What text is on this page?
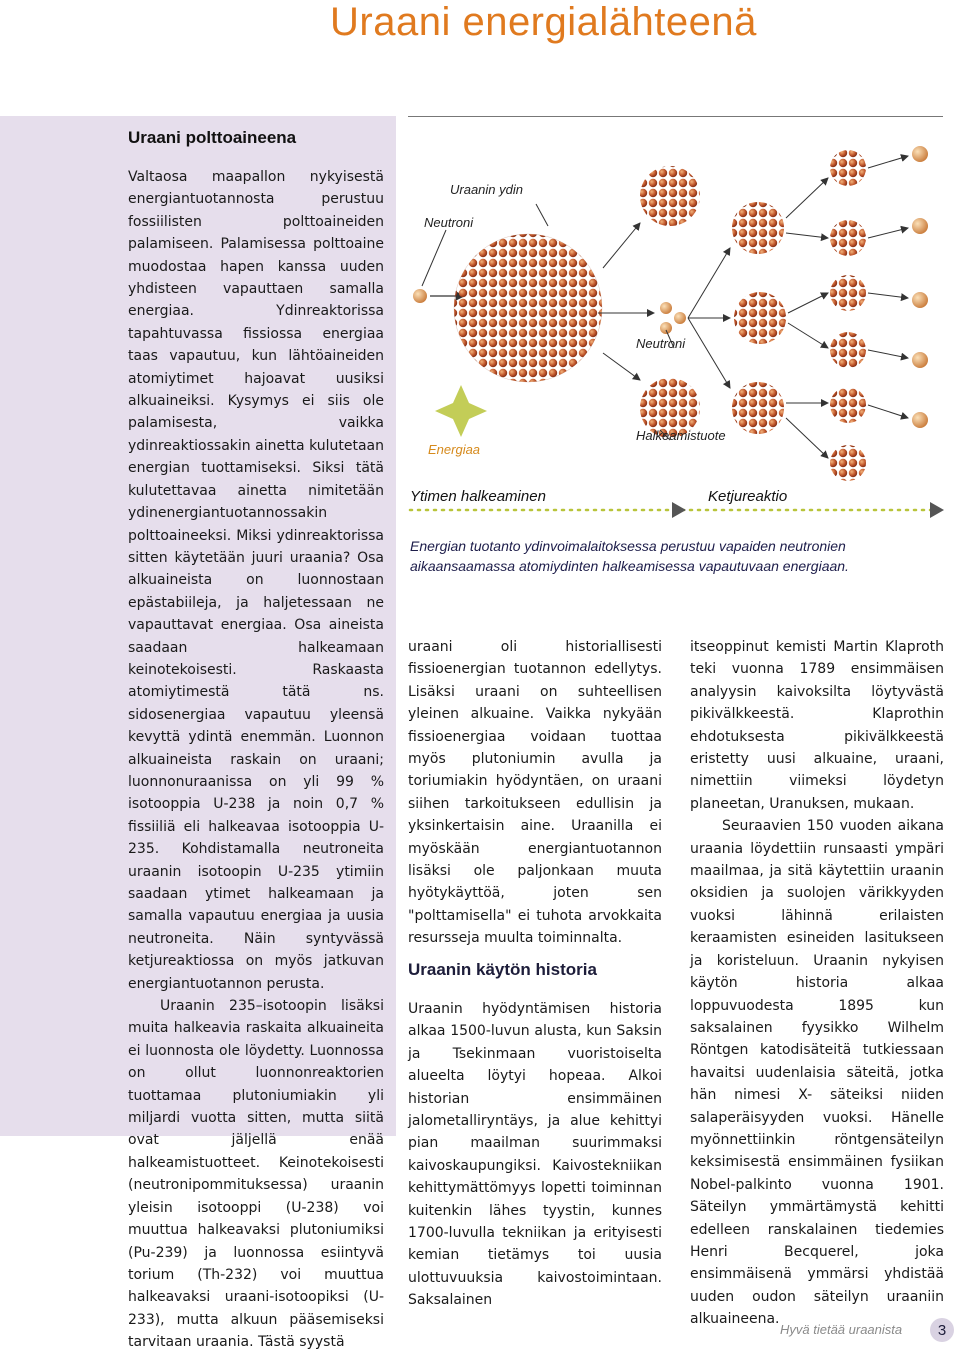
Uraani energialähteenä
Uraani polttoaineena

Valtaosa maapallon nykyisestä energiantuotannosta perustuu fossiilisten polttoaineiden palamiseen. Palamisessa polttoaine muodostaa hapen kanssa uuden yhdisteen vapauttaen samalla energiaa. Ydinreaktorissa tapahtuvassa fissiossa energiaa taas vapautuu, kun lähtöaineiden atomiytimet hajoavat uusiksi alkuaineiksi. Kysymys ei siis ole palamisesta, vaikka ydinreaktiossakin ainetta kulutetaan energian tuottamiseksi. Siksi tätä kulutettavaa ainetta nimitetään ydinenergiantuotannossakin polttoaineeksi. Miksi ydinreaktorissa sitten käytetään juuri uraania? Osa alkuaineista on luonnostaan epästabiileja, ja haljetessaan ne vapauttavat energiaa. Osa aineista saadaan halkeamaan keinotekoisesti. Raskaasta atomiytimestä tätä ns. sidosenergiaa vapautuu yleensä kevyttä ydintä enemmän. Luonnon alkuaineista raskain on uraani; luonnonuraanissa on yli 99 % isotooppia U-238 ja noin 0,7 % fissiiliä eli halkeavaa isotooppia U-235. Kohdistamalla neutroneita uraanin isotoopin U-235 ytimiin saadaan ytimet halkeamaan ja samalla vapautuu energiaa ja uusia neutroneita. Näin syntyvässä ketjureaktiossa on myös jatkuvan energiantuotannon perusta.

Uraanin 235–isotoopin lisäksi muita halkeavia raskaita alkuaineita ei luonnosta ole löydetty. Luonnossa on ollut luonnonreaktorien tuottamaa plutoniumiakin yli miljardi vuotta sitten, mutta siitä ovat jäljellä enää halkeamistuotteet. Keinotekoisesti (neutronipommituksessa) uraanin yleisin isotooppi (U-238) voi muuttua halkeavaksi plutoniumiksi (Pu-239) ja luonnossa esiintyvä torium (Th-232) voi muuttua halkeavaksi uraani-isotoopiksi (U-233), mutta alkuun pääsemiseksi tarvitaan uraania. Tästä syystä

Uraanin ydin
Neutroni
Neutroni
Energiaa
Halkeamistuote
Ytimen halkeaminen	Ketjureaktio
Energian tuotanto ydinvoimalaitoksessa perustuu vapaiden neutronien aikaansaamassa atomiydinten halkeamisessa vapautuvaan energiaan.

uraani oli historiallisesti fissioenergian tuotannon edellytys. Lisäksi uraani on suhteellisen yleinen alkuaine. Vaikka nykyään fissioenergiaa voidaan tuottaa myös plutoniumin avulla ja toriumiakin hyödyntäen, on uraani siihen tarkoitukseen edullisin ja yksinkertaisin aine. Uraanilla ei myöskään energiantuotannon lisäksi ole paljonkaan muuta hyötykäyttöä, joten sen "polttamisella" ei tuhota arvokkaita resursseja muulta toiminnalta.

Uraanin käytön historia

Uraanin hyödyntämisen historia alkaa 1500-luvun alusta, kun Saksin ja Tsekinmaan vuoristoiselta alueelta löytyi hopeaa. Alkoi historian ensimmäinen jalometalliryntäys, ja alue kehittyi pian maailman suurimmaksi kaivoskaupungiksi. Kaivostekniikan kehittymättömyys lopetti toiminnan kuitenkin lähes tyystin, kunnes 1700-luvulla tekniikan ja erityisesti kemian tietämys toi uusia ulottuvuuksia kaivostoimintaan. Saksalainen

itseoppinut kemisti Martin Klaproth teki vuonna 1789 ensimmäisen analyysin kaivoksilta löytyvästä pikivälkkeestä. Klaprothin ehdotuksesta pikivälkkeestä eristetty uusi alkuaine, uraani, nimettiin viimeksi löydetyn planeetan, Uranuksen, mukaan.

Seuraavien 150 vuoden aikana uraania löydettiin runsaasti ympäri maailmaa, ja sitä käytettiin uraanin oksidien ja suolojen värikkyyden vuoksi lähinnä erilaisten keraamisten esineiden lasitukseen ja koristeluun. Uraanin nykyisen käytön historia alkaa loppuvuodesta 1895 kun saksalainen fyysikko Wilhelm Röntgen katodisäteitä tutkiessaan havaitsi uudenlaisia säteitä, jotka hän nimesi X- säteiksi niiden salaperäisyyden vuoksi. Hänelle myönnettiinkin röntgensäteilyn keksimisestä ensimmäinen fysiikan Nobel-palkinto vuonna 1901. Säteilyn ymmärtämystä kehitti edelleen ranskalainen tiedemies Henri Becquerel, joka ensimmäisenä ymmärsi yhdistää uuden oudon säteilyn uraaniin alkuaineena.

Hyvä tietää uraanista	3
